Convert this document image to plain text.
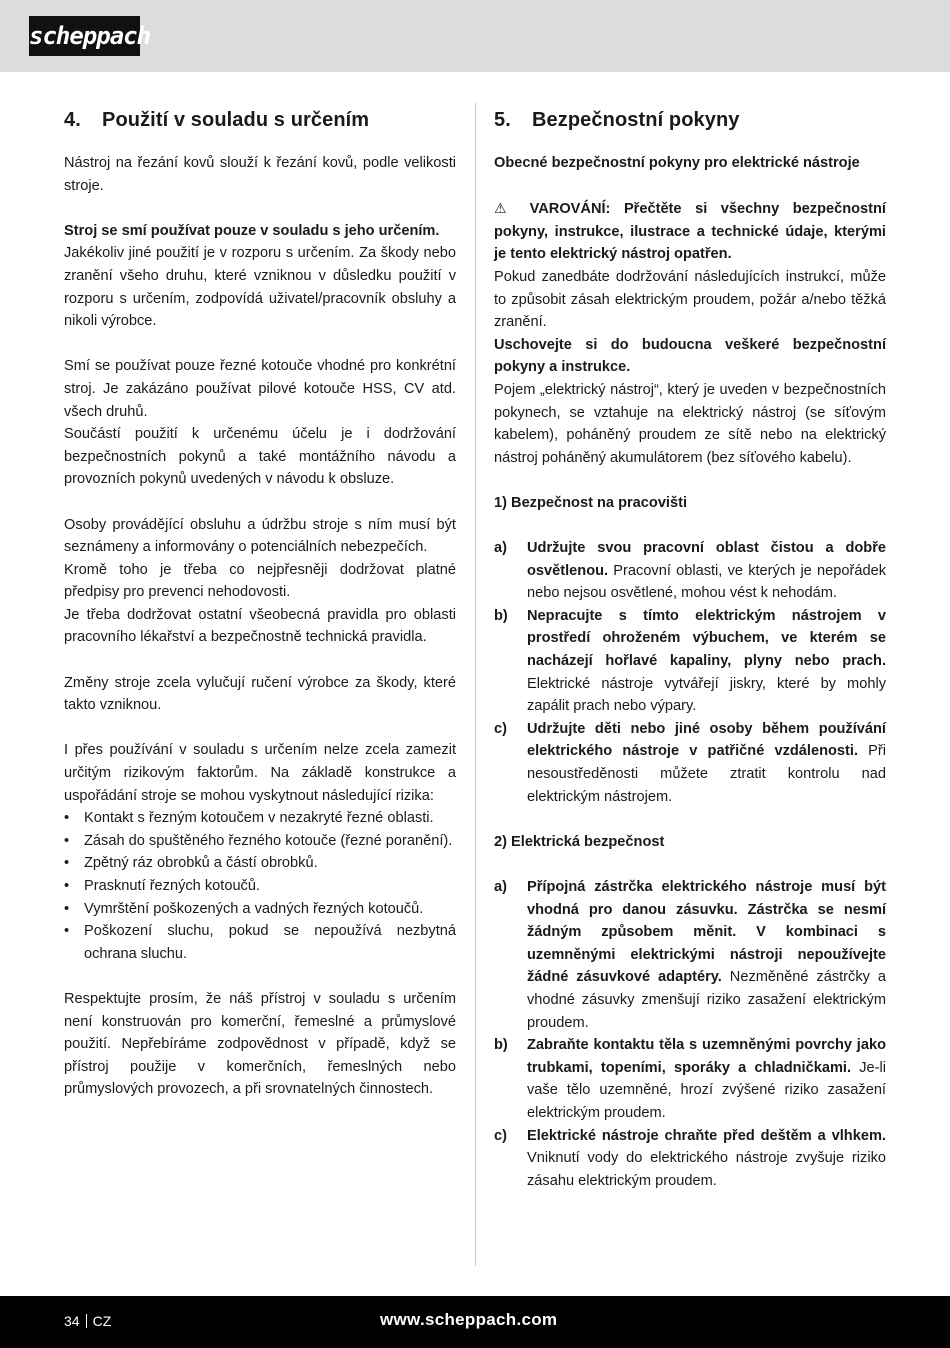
scheppach
4. Použití v souladu s určením

Nástroj na řezání kovů slouží k řezání kovů, podle velikosti stroje.

Stroj se smí používat pouze v souladu s jeho určením.

Jakékoliv jiné použití je v rozporu s určením. Za škody nebo zranění všeho druhu, které vzniknou v důsledku použití v rozporu s určením, zodpovídá uživatel/pracovník obsluhy a nikoli výrobce.

Smí se používat pouze řezné kotouče vhodné pro konkrétní stroj. Je zakázáno používat pilové kotouče HSS, CV atd. všech druhů.

Součástí použití k určenému účelu je i dodržování bezpečnostních pokynů a také montážního návodu a provozních pokynů uvedených v návodu k obsluze.

Osoby provádějící obsluhu a údržbu stroje s ním musí být seznámeny a informovány o potenciálních nebezpečích.

Kromě toho je třeba co nejpřesněji dodržovat platné předpisy pro prevenci nehodovosti.

Je třeba dodržovat ostatní všeobecná pravidla pro oblasti pracovního lékařství a bezpečnostně technická pravidla.

Změny stroje zcela vylučují ručení výrobce za škody, které takto vzniknou.

I přes používání v souladu s určením nelze zcela zamezit určitým rizikovým faktorům. Na základě konstrukce a uspořádání stroje se mohou vyskytnout následující rizika:

• Kontakt s řezným kotoučem v nezakryté řezné oblasti.
• Zásah do spuštěného řezného kotouče (řezné poranění).
• Zpětný ráz obrobků a částí obrobků.
• Prasknutí řezných kotoučů.
• Vymrštění poškozených a vadných řezných kotoučů.
• Poškození sluchu, pokud se nepoužívá nezbytná ochrana sluchu.

Respektujte prosím, že náš přístroj v souladu s určením není konstruován pro komerční, řemeslné a průmyslové použití. Nepřebíráme zodpovědnost v případě, když se přístroj použije v komerčních, řemeslných nebo průmyslových provozech, a při srovnatelných činnostech.

5. Bezpečnostní pokyny

Obecné bezpečnostní pokyny pro elektrické nástroje

⚠ VAROVÁNÍ: Přečtěte si všechny bezpečnostní pokyny, instrukce, ilustrace a technické údaje, kterými je tento elektrický nástroj opatřen.

Pokud zanedbáte dodržování následujících instrukcí, může to způsobit zásah elektrickým proudem, požár a/nebo těžká zranění.

Uschovejte si do budoucna veškeré bezpečnostní pokyny a instrukce.

Pojem „elektrický nástroj“, který je uveden v bezpečnostních pokynech, se vztahuje na elektrický nástroj (se síťovým kabelem), poháněný proudem ze sítě nebo na elektrický nástroj poháněný akumulátorem (bez síťového kabelu).

1) Bezpečnost na pracovišti

a) Udržujte svou pracovní oblast čistou a dobře osvětlenou. Pracovní oblasti, ve kterých je nepořádek nebo nejsou osvětlené, mohou vést k nehodám.
b) Nepracujte s tímto elektrickým nástrojem v prostředí ohroženém výbuchem, ve kterém se nacházejí hořlavé kapaliny, plyny nebo prach. Elektrické nástroje vytvářejí jiskry, které by mohly zapálit prach nebo výpary.
c) Udržujte děti nebo jiné osoby během používání elektrického nástroje v patřičné vzdálenosti. Při nesoustředěnosti můžete ztratit kontrolu nad elektrickým nástrojem.

2) Elektrická bezpečnost

a) Přípojná zástrčka elektrického nástroje musí být vhodná pro danou zásuvku. Zástrčka se nesmí žádným způsobem měnit. V kombinaci s uzemněnými elektrickými nástroji nepoužívejte žádné zásuvkové adaptéry. Nezměněné zástrčky a vhodné zásuvky zmenšují riziko zasažení elektrickým proudem.
b) Zabraňte kontaktu těla s uzemněnými povrchy jako trubkami, topeními, sporáky a chladničkami. Je-li vaše tělo uzemněné, hrozí zvýšené riziko zasažení elektrickým proudem.
c) Elektrické nástroje chraňte před deštěm a vlhkem. Vniknutí vody do elektrického nástroje zvyšuje riziko zásahu elektrickým proudem.
34 CZ	www.scheppach.com
